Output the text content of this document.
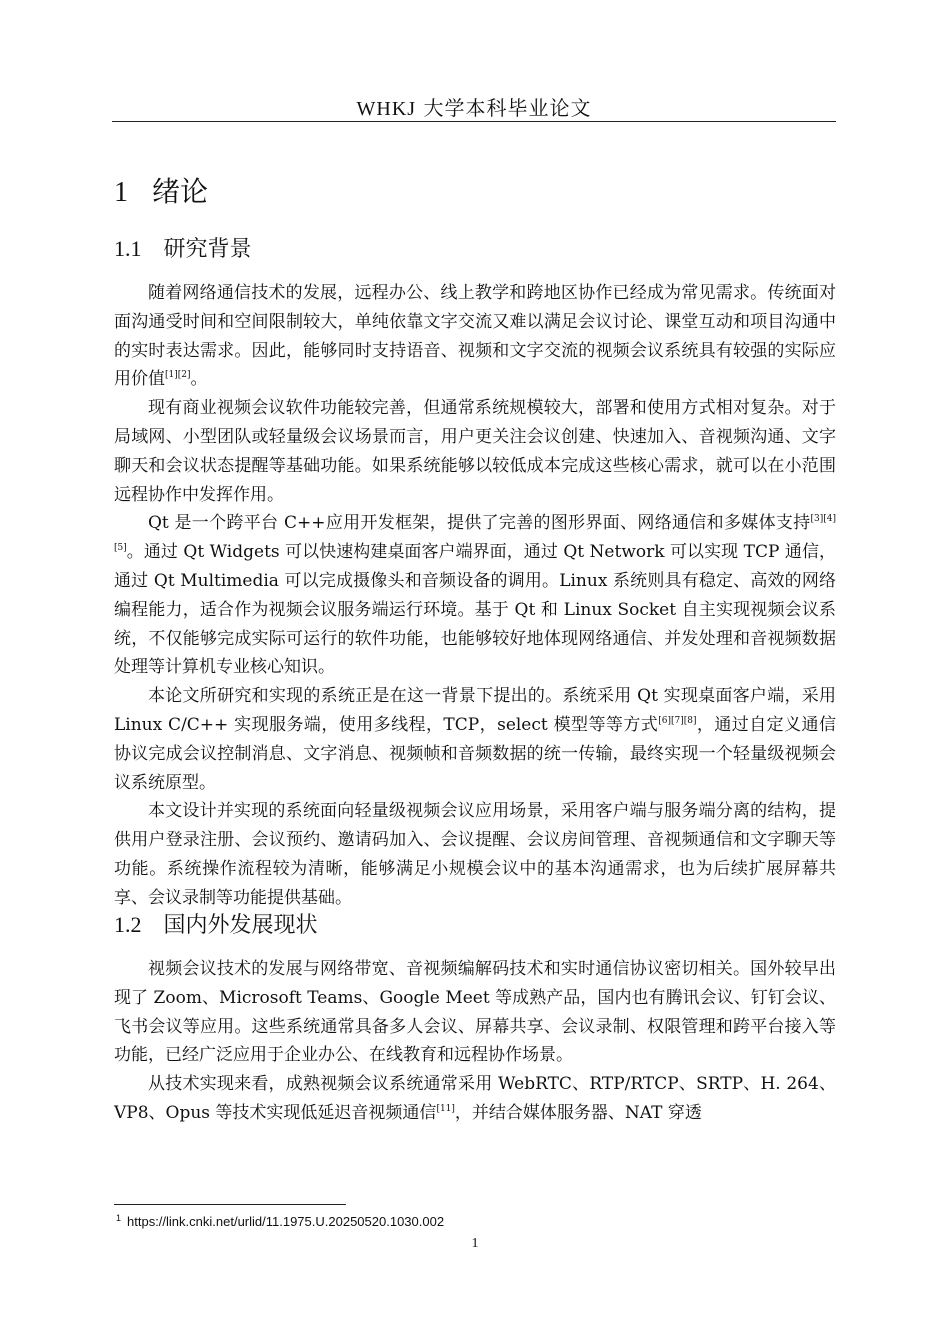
WHKJ 大学本科毕业论文
1 绪论
1.1 研究背景

随着网络通信技术的发展，远程办公、线上教学和跨地区协作已经成为常见需求。传统面对面沟通受时间和空间限制较大，单纯依靠文字交流又难以满足会议讨论、课堂互动和项目沟通中的实时表达需求。因此，能够同时支持语音、视频和文字交流的视频会议系统具有较强的实际应用价值[1][2]。

现有商业视频会议软件功能较完善，但通常系统规模较大，部署和使用方式相对复杂。对于局域网、小型团队或轻量级会议场景而言，用户更关注会议创建、快速加入、音视频沟通、文字聊天和会议状态提醒等基础功能。如果系统能够以较低成本完成这些核心需求，就可以在小范围远程协作中发挥作用。

Qt 是一个跨平台 C++应用开发框架，提供了完善的图形界面、网络通信和多媒体支持[3][4][5]。通过 Qt Widgets 可以快速构建桌面客户端界面，通过 Qt Network 可以实现 TCP 通信，通过 Qt Multimedia 可以完成摄像头和音频设备的调用。Linux 系统则具有稳定、高效的网络编程能力，适合作为视频会议服务端运行环境。基于 Qt 和 Linux Socket 自主实现视频会议系统，不仅能够完成实际可运行的软件功能，也能够较好地体现网络通信、并发处理和音视频数据处理等计算机专业核心知识。

本论文所研究和实现的系统正是在这一背景下提出的。系统采用 Qt 实现桌面客户端，采用 Linux C/C++ 实现服务端，使用多线程，TCP，select 模型等等方式[6][7][8]，通过自定义通信协议完成会议控制消息、文字消息、视频帧和音频数据的统一传输，最终实现一个轻量级视频会议系统原型。

本文设计并实现的系统面向轻量级视频会议应用场景，采用客户端与服务端分离的结构，提供用户登录注册、会议预约、邀请码加入、会议提醒、会议房间管理、音视频通信和文字聊天等功能。系统操作流程较为清晰，能够满足小规模会议中的基本沟通需求，也为后续扩展屏幕共享、会议录制等功能提供基础。

1.2 国内外发展现状

视频会议技术的发展与网络带宽、音视频编解码技术和实时通信协议密切相关。国外较早出现了 Zoom、Microsoft Teams、Google Meet 等成熟产品，国内也有腾讯会议、钉钉会议、飞书会议等应用。这些系统通常具备多人会议、屏幕共享、会议录制、权限管理和跨平台接入等功能，已经广泛应用于企业办公、在线教育和远程协作场景。

从技术实现来看，成熟视频会议系统通常采用 WebRTC、RTP/RTCP、SRTP、H. 264、VP8、Opus 等技术实现低延迟音视频通信[11]，并结合媒体服务器、NAT 穿透

$^1$ https://link.cnki.net/urlid/11.1975.U.20250520.1030.002
1
